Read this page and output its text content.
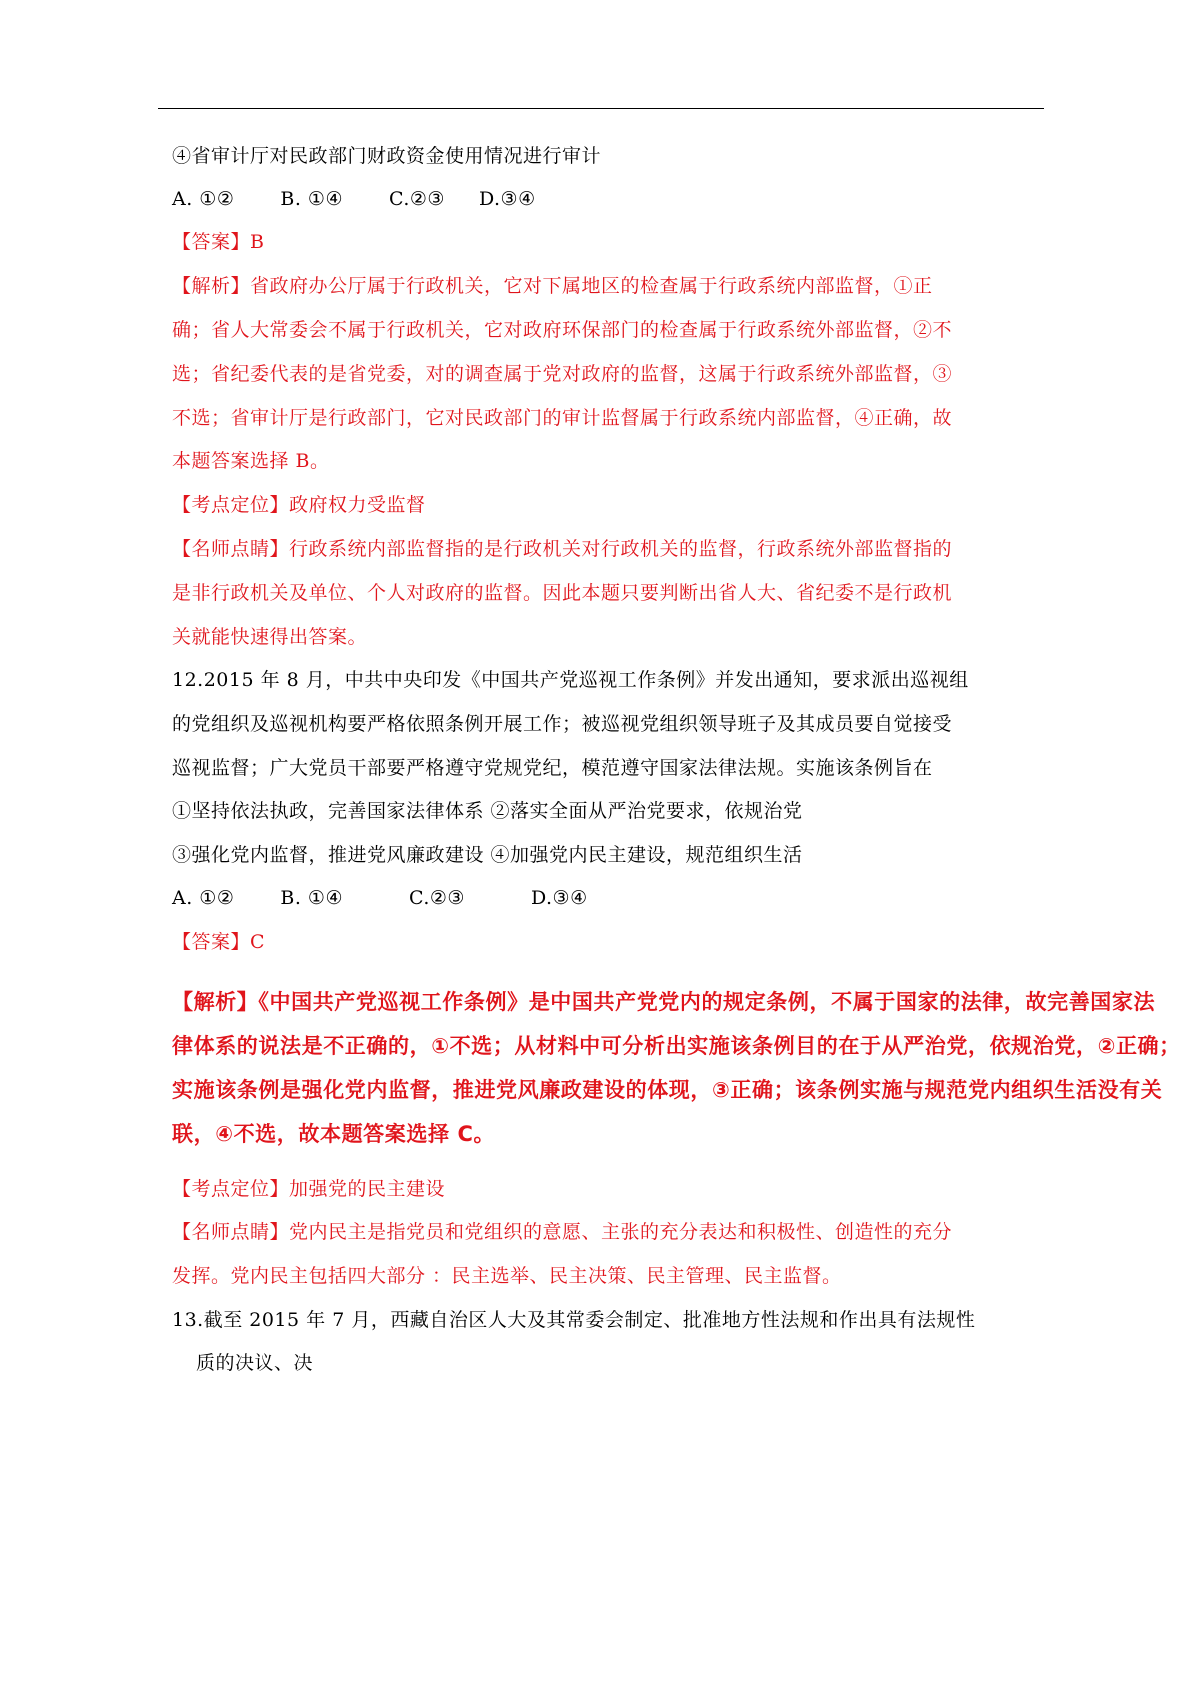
④省审计厅对民政部门财政资金使用情况进行审计
A. ①② B. ①④ C.②③ D.③④
【答案】B
【解析】省政府办公厅属于行政机关，它对下属地区的检查属于行政系统内部监督，①正
确；省人大常委会不属于行政机关，它对政府环保部门的检查属于行政系统外部监督，②不
选；省纪委代表的是省党委，对的调查属于党对政府的监督，这属于行政系统外部监督，③
不选；省审计厅是行政部门，它对民政部门的审计监督属于行政系统内部监督，④正确，故
本题答案选择 B。
【考点定位】政府权力受监督
【名师点睛】行政系统内部监督指的是行政机关对行政机关的监督，行政系统外部监督指的
是非行政机关及单位、个人对政府的监督。因此本题只要判断出省人大、省纪委不是行政机
关就能快速得出答案。
12.2015 年 8 月，中共中央印发《中国共产党巡视工作条例》并发出通知，要求派出巡视组
的党组织及巡视机构要严格依照条例开展工作；被巡视党组织领导班子及其成员要自觉接受
巡视监督；广大党员干部要严格遵守党规党纪，模范遵守国家法律法规。实施该条例旨在
①坚持依法执政，完善国家法律体系 ②落实全面从严治党要求，依规治党
③强化党内监督，推进党风廉政建设 ④加强党内民主建设，规范组织生活
A. ①② B. ①④	C.②③	D.③④
【答案】C
【解析】《中国共产党巡视工作条例》是中国共产党党内的规定条例，不属于国家的法律，故完善国家法
律体系的说法是不正确的，①不选；从材料中可分析出实施该条例目的在于从严治党，依规治党，②正确；
实施该条例是强化党内监督，推进党风廉政建设的体现，③正确；该条例实施与规范党内组织生活没有关
联，④不选，故本题答案选择 C。
【考点定位】加强党的民主建设
【名师点睛】党内民主是指党员和党组织的意愿、主张的充分表达和积极性、创造性的充分
发挥。党内民主包括四大部分 ：民主选举、民主决策、民主管理、民主监督。
13.截至 2015 年 7 月，西藏自治区人大及其常委会制定、批准地方性法规和作出具有法规性
质的决议、决
